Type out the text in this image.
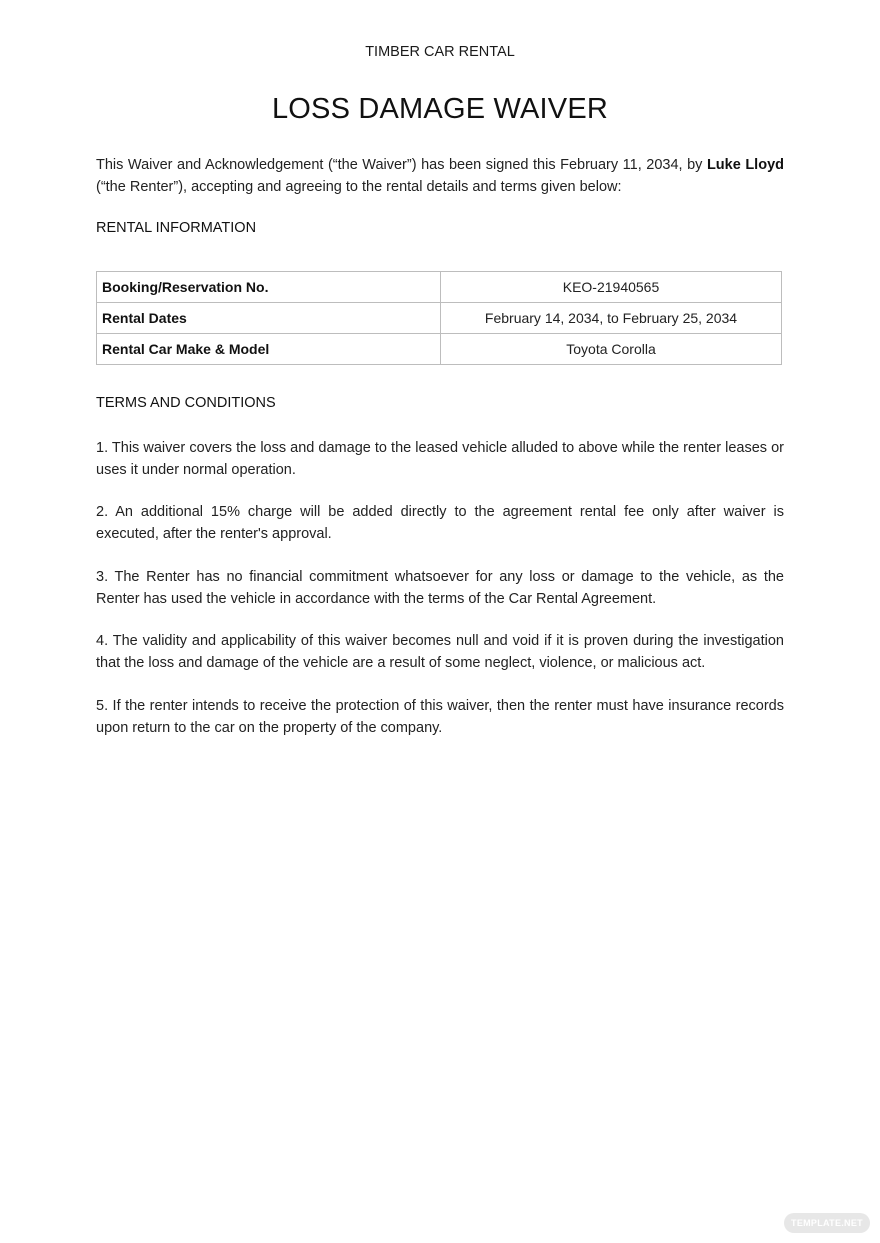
TIMBER CAR RENTAL
LOSS DAMAGE WAIVER

This Waiver and Acknowledgement (“the Waiver”) has been signed this February 11, 2034, by Luke Lloyd (“the Renter”), accepting and agreeing to the rental details and terms given below:

RENTAL INFORMATION
Booking/Reservation No.	KEO-21940565
Rental Dates	February 14, 2034, to February 25, 2034
Rental Car Make & Model	Toyota Corolla
TERMS AND CONDITIONS

1. This waiver covers the loss and damage to the leased vehicle alluded to above while the renter leases or uses it under normal operation.

2. An additional 15% charge will be added directly to the agreement rental fee only after waiver is executed, after the renter's approval.

3. The Renter has no financial commitment whatsoever for any loss or damage to the vehicle, as the Renter has used the vehicle in accordance with the terms of the Car Rental Agreement.

4. The validity and applicability of this waiver becomes null and void if it is proven during the investigation that the loss and damage of the vehicle are a result of some neglect, violence, or malicious act.

5. If the renter intends to receive the protection of this waiver, then the renter must have insurance records upon return to the car on the property of the company.

TEMPLATE.NET
